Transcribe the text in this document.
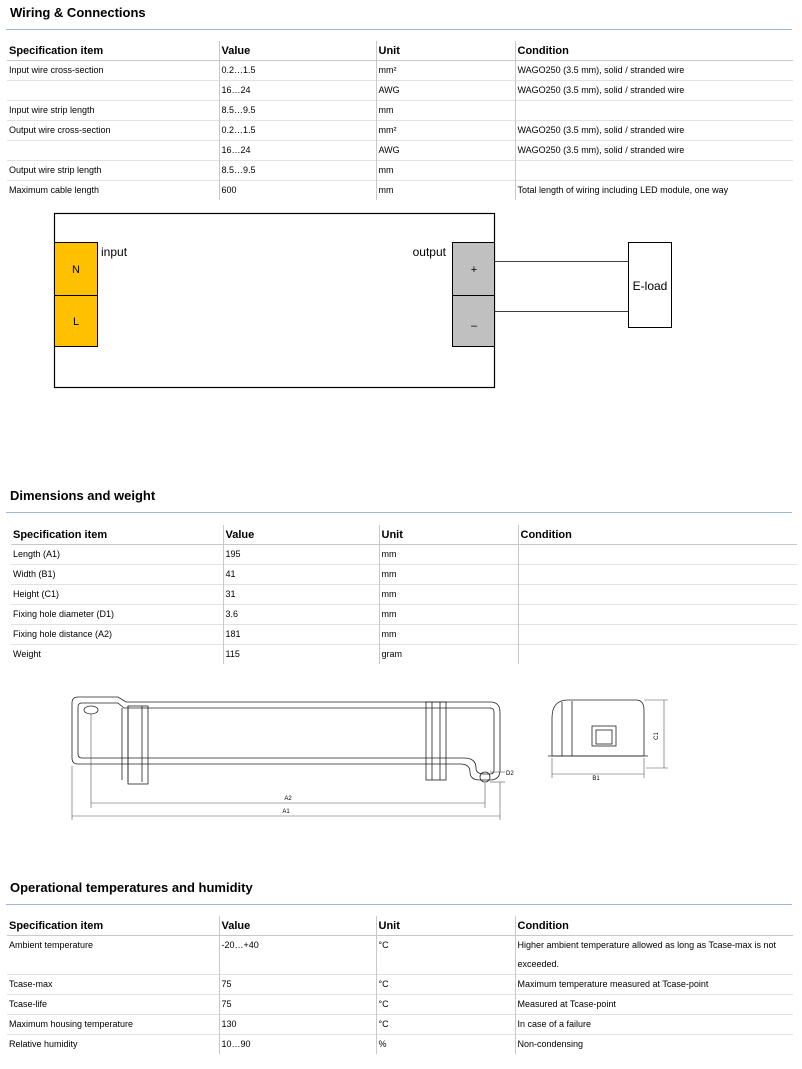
Wiring & Connections
Specification item	Value	Unit	Condition
Input wire cross-section	0.2…1.5	mm²	WAGO250 (3.5 mm), solid / stranded wire
	16…24	AWG	WAGO250 (3.5 mm), solid / stranded wire
Input wire strip length	8.5…9.5	mm	
Output wire cross-section	0.2…1.5	mm²	WAGO250 (3.5 mm), solid / stranded wire
	16…24	AWG	WAGO250 (3.5 mm), solid / stranded wire
Output wire strip length	8.5…9.5	mm	
Maximum cable length	600	mm	Total length of wiring including LED module, one way
N
L
input	output
+
–
E-load
Dimensions and weight
Specification item	Value	Unit	Condition
Length (A1)	195	mm	
Width (B1)	41	mm	
Height (C1)	31	mm	
Fixing hole diameter (D1)	3.6	mm	
Fixing hole distance (A2)	181	mm	
Weight	115	gram	
A2
A1
D2
B1
C1
Operational temperatures and humidity
Specification item	Value	Unit	Condition
Ambient temperature	-20…+40	°C	Higher ambient temperature allowed as long as Tcase-max is not exceeded.
Tcase-max	75	°C	Maximum temperature measured at Tcase-point
Tcase-life	75	°C	Measured at Tcase-point
Maximum housing temperature	130	°C	In case of a failure
Relative humidity	10…90	%	Non-condensing
